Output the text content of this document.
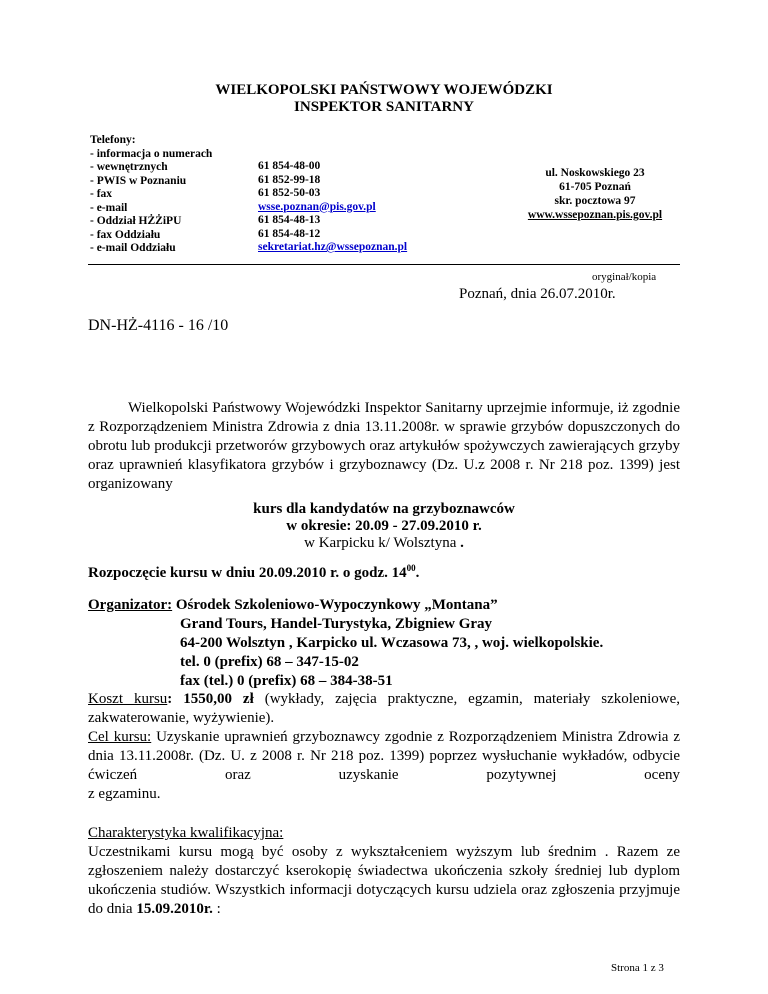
WIELKOPOLSKI PAŃSTWOWY WOJEWÓDZKI
INSPEKTOR SANITARNY
Telefony:
- informacja o numerach
- wewnętrznych
- PWIS w Poznaniu
- fax
- e-mail
- Oddział HŻŻiPU
- fax Oddziału
- e-mail Oddziału
61 854-48-00
61 852-99-18
61 852-50-03
wsse.poznan@pis.gov.pl
61 854-48-13
61 854-48-12
sekretariat.hz@wssepoznan.pl
ul. Noskowskiego 23
61-705 Poznań
skr. pocztowa 97
www.wssepoznan.pis.gov.pl
oryginał/kopia
Poznań, dnia 26.07.2010r.
DN-HŻ-4116 - 16 /10

Wielkopolski Państwowy Wojewódzki Inspektor Sanitarny uprzejmie informuje, iż zgodnie z Rozporządzeniem Ministra Zdrowia z dnia 13.11.2008r. w sprawie grzybów dopuszczonych do obrotu lub produkcji przetworów grzybowych oraz artykułów spożywczych zawierających grzyby oraz uprawnień klasyfikatora grzybów i grzyboznawcy (Dz. U.z 2008 r. Nr 218 poz. 1399) jest organizowany

kurs dla kandydatów na grzyboznawców
w okresie: 20.09 - 27.09.2010 r.
w Karpicku k/ Wolsztyna .
Rozpoczęcie kursu w dniu 20.09.2010 r. o godz. $14^{00}$.
Organizator: Ośrodek Szkoleniowo-Wypoczynkowy „Montana”
Grand Tours, Handel-Turystyka, Zbigniew Gray
64-200 Wolsztyn , Karpicko ul. Wczasowa 73, , woj. wielkopolskie.
tel. 0 (prefix) 68 – 347-15-02
fax (tel.) 0 (prefix) 68 – 384-38-51

Koszt kursu: 1550,00 zł (wykłady, zajęcia praktyczne, egzamin, materiały szkoleniowe, zakwaterowanie, wyżywienie).

Cel kursu: Uzyskanie uprawnień grzyboznawcy zgodnie z Rozporządzeniem Ministra Zdrowia z dnia 13.11.2008r. (Dz. U. z 2008 r. Nr 218 poz. 1399) poprzez wysłuchanie wykładów, odbycie ćwiczeń oraz uzyskanie pozytywnej oceny

z egzaminu.

Charakterystyka kwalifikacyjna:

Uczestnikami kursu mogą być osoby z wykształceniem wyższym lub średnim . Razem ze zgłoszeniem należy dostarczyć kserokopię świadectwa ukończenia szkoły średniej lub dyplom ukończenia studiów. Wszystkich informacji dotyczących kursu udziela oraz zgłoszenia przyjmuje do dnia 15.09.2010r. :

Strona 1 z 3
